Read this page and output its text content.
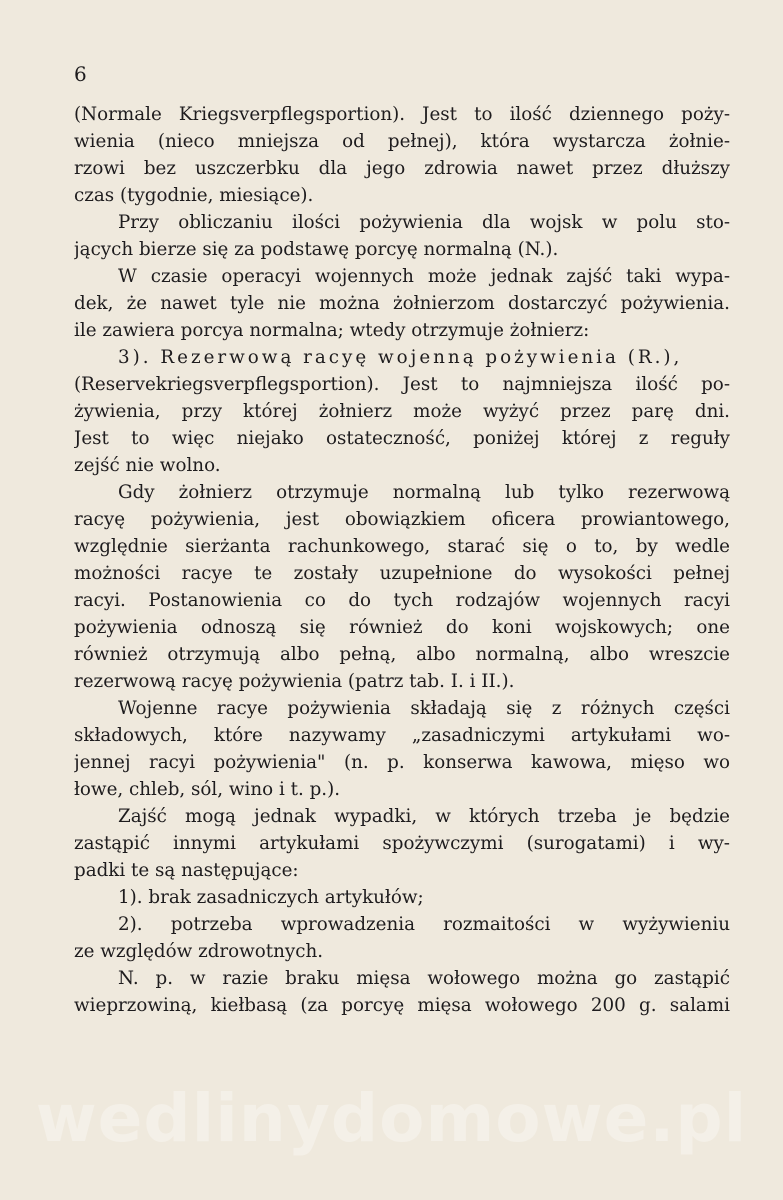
6
(Normale Kriegsverpflegsportion). Jest to ilość dziennego poży-
wienia (nieco mniejsza od pełnej), która wystarcza żołnie-
rzowi bez uszczerbku dla jego zdrowia nawet przez dłuższy
czas (tygodnie, miesiące).
Przy obliczaniu ilości pożywienia dla wojsk w polu sto-
jących bierze się za podstawę porcyę normalną (N.).
W czasie operacyi wojennych może jednak zajść taki wypa-
dek, że nawet tyle nie można żołnierzom dostarczyć pożywienia.
ile zawiera porcya normalna; wtedy otrzymuje żołnierz:
3). Rezerwową racyę wojenną pożywienia (R.),
(Reservekriegsverpflegsportion). Jest to najmniejsza ilość po-
żywienia, przy której żołnierz może wyżyć przez parę dni.
Jest to więc niejako ostateczność, poniżej której z reguły
zejść nie wolno.
Gdy żołnierz otrzymuje normalną lub tylko rezerwową
racyę pożywienia, jest obowiązkiem oficera prowiantowego,
względnie sierżanta rachunkowego, starać się o to, by wedle
możności racye te zostały uzupełnione do wysokości pełnej
racyi. Postanowienia co do tych rodzajów wojennych racyi
pożywienia odnoszą się również do koni wojskowych; one
również otrzymują albo pełną, albo normalną, albo wreszcie
rezerwową racyę pożywienia (patrz tab. I. i II.).
Wojenne racye pożywienia składają się z różnych części
składowych, które nazywamy „zasadniczymi artykułami wo-
jennej racyi pożywienia" (n. p. konserwa kawowa, mięso wo
łowe, chleb, sól, wino i t. p.).
Zajść mogą jednak wypadki, w których trzeba je będzie
zastąpić innymi artykułami spożywczymi (surogatami) i wy-
padki te są następujące:
1). brak zasadniczych artykułów;
2). potrzeba wprowadzenia rozmaitości w wyżywieniu
ze względów zdrowotnych.
N. p. w razie braku mięsa wołowego można go zastąpić
wieprzowiną, kiełbasą (za porcyę mięsa wołowego 200 g. salami
wedlinydomowe.pl
